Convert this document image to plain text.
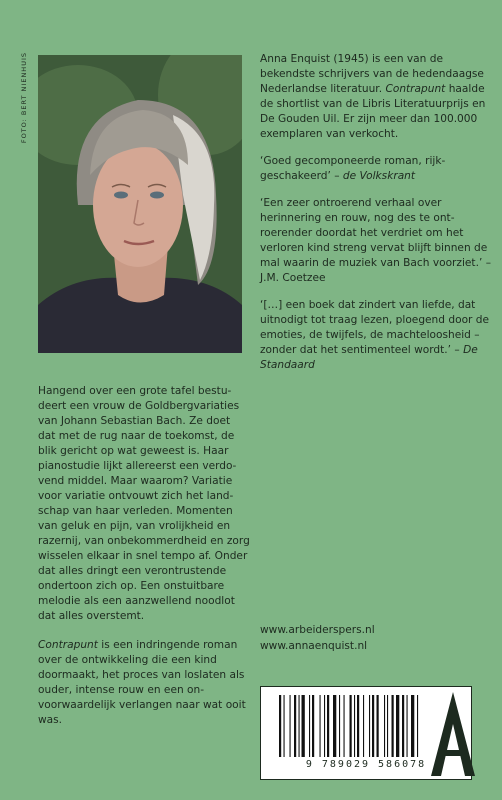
FOTO: BERT NIENHUIS	Anna Enquist (1945) is een van de bekendste schrijvers van de hedendaagse Nederlandse literatuur. Contrapunt haalde de shortlist van de Libris Literatuurprijs en De Gouden Uil. Er zijn meer dan 100.000 exemplaren van verkocht.

‘Goed gecomponeerde roman, rijkgeschakeerd’ – de Volkskrant

‘Een zeer ontroerend verhaal over herinnering en rouw, nog des te ontroerender doordat het verdriet om het verloren kind streng vervat blijft binnen de mal waarin de muziek van Bach voorziet.’ – J.M. Coetzee

‘[…] een boek dat zindert van liefde, dat uitnodigt tot traag lezen, ploegend door de emoties, de twijfels, de machteloosheid – zonder dat het sentimenteel wordt.’ – De Standaard

Hangend over een grote tafel bestudeert een vrouw de Goldbergvariaties van Johann Sebastian Bach. Ze doet dat met de rug naar de toekomst, de blik gericht op wat geweest is. Haar pianostudie lijkt allereerst een verdovend middel. Maar waarom? Variatie voor variatie ontvouwt zich het landschap van haar verleden. Momenten van geluk en pijn, van vrolijkheid en razernij, van onbekommerdheid en zorg wisselen elkaar in snel tempo af. Onder dat alles dringt een verontrustende ondertoon zich op. Een onstuitbare melodie als een aanzwellend noodlot dat alles overstemt.

Contrapunt is een indringende roman over de ontwikkeling die een kind doormaakt, het proces van loslaten als ouder, intense rouw en een onvoorwaardelijk verlangen naar wat ooit was.

www.arbeiderspers.nl
www.annaenquist.nl
9 789029 586078
